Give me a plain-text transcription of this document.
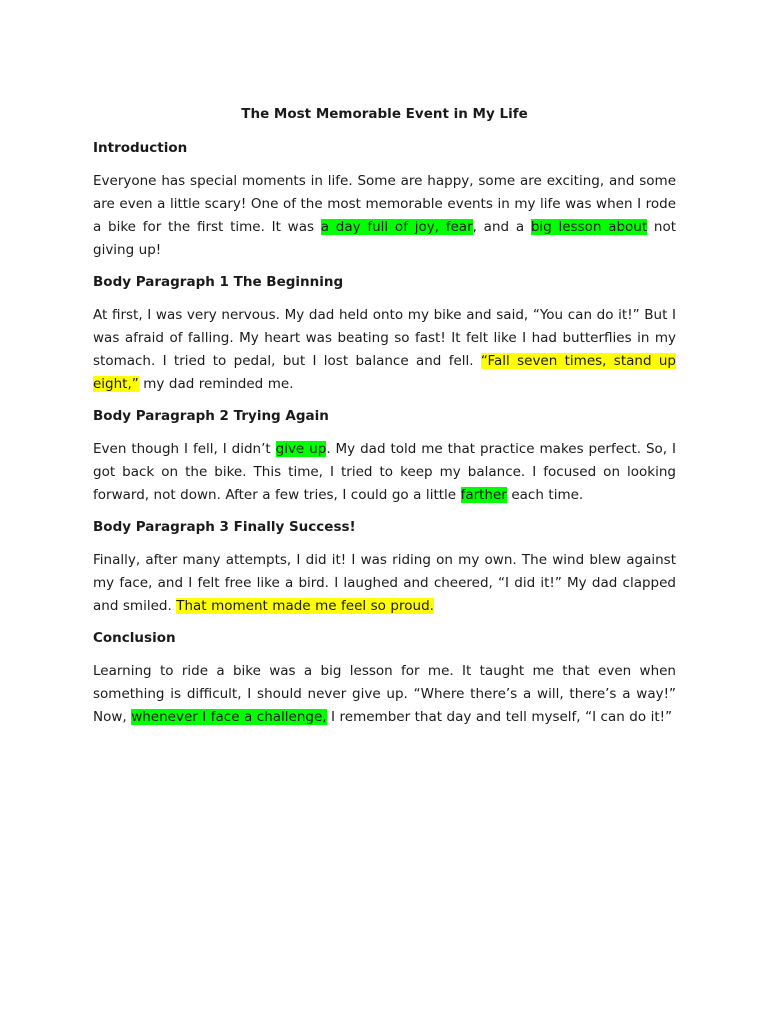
The Most Memorable Event in My Life
Introduction
Everyone has special moments in life. Some are happy, some are exciting, and some are even a little scary! One of the most memorable events in my life was when I rode a bike for the first time. It was a day full of joy, fear, and a big lesson about not giving up!
Body Paragraph 1 The Beginning
At first, I was very nervous. My dad held onto my bike and said, “You can do it!” But I was afraid of falling. My heart was beating so fast! It felt like I had butterflies in my stomach. I tried to pedal, but I lost balance and fell. “Fall seven times, stand up eight,” my dad reminded me.
Body Paragraph 2 Trying Again
Even though I fell, I didn’t give up. My dad told me that practice makes perfect. So, I got back on the bike. This time, I tried to keep my balance. I focused on looking forward, not down. After a few tries, I could go a little farther each time.
Body Paragraph 3 Finally Success!
Finally, after many attempts, I did it! I was riding on my own. The wind blew against my face, and I felt free like a bird. I laughed and cheered, “I did it!” My dad clapped and smiled. That moment made me feel so proud.
Conclusion
Learning to ride a bike was a big lesson for me. It taught me that even when something is difficult, I should never give up. “Where there’s a will, there’s a way!” Now, whenever I face a challenge, I remember that day and tell myself, “I can do it!”
